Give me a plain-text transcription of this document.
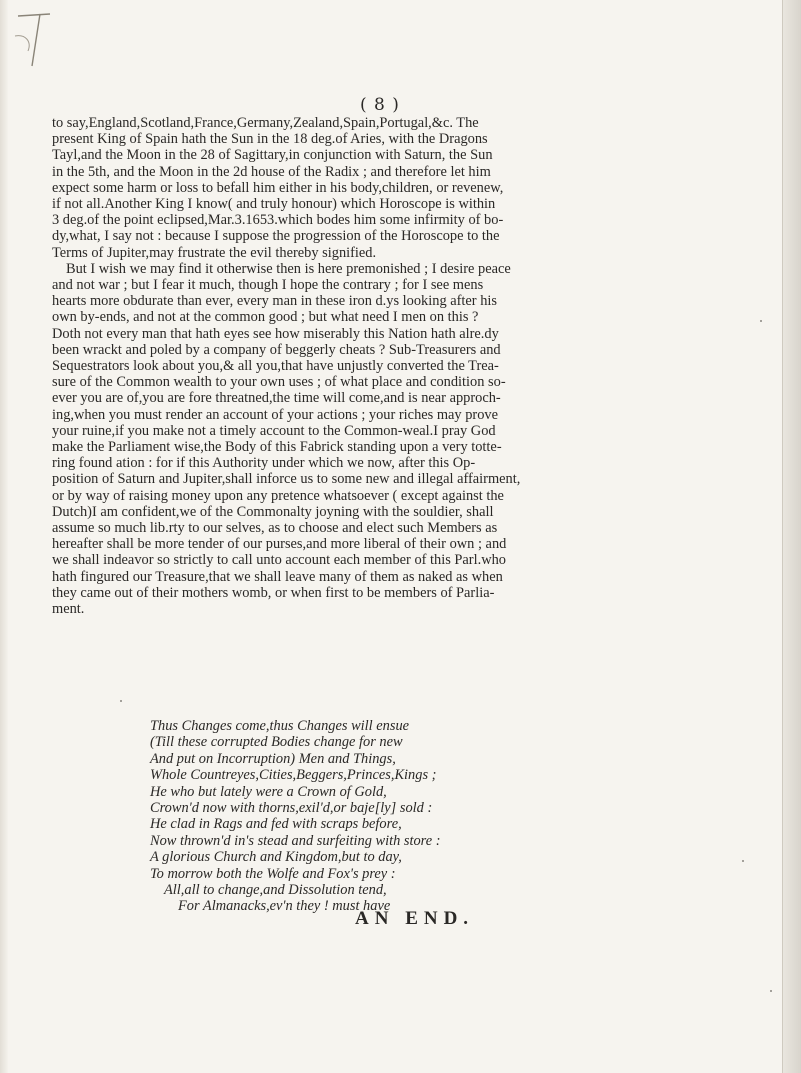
( 8 )
to say,England,Scotland,France,Germany,Zealand,Spain,Portugal,&c. The
present King of Spain hath the Sun in the 18 deg.of Aries, with the Dragons
Tayl,and the Moon in the 28 of Sagittary,in conjunction with Saturn, the Sun
in the 5th, and the Moon in the 2d house of the Radix ; and therefore let him
expect some harm or loss to befall him either in his body,children, or revenew,
if not all.Another King I know( and truly honour) which Horoscope is within
3 deg.of the point eclipsed,Mar.3.1653.which bodes him some infirmity of bo-
dy,what, I say not : because I suppose the progression of the Horoscope to the
Terms of Jupiter,may frustrate the evil thereby signified.
But I wish we may find it otherwise then is here premonished ; I desire peace
and not war ; but I fear it much, though I hope the contrary ; for I see mens
hearts more obdurate than ever, every man in these iron d.ys looking after his
own by-ends, and not at the common good ; but what need I men on this ?
Doth not every man that hath eyes see how miserably this Nation hath alre.dy
been wrackt and poled by a company of beggerly cheats ? Sub-Treasurers and
Sequestrators look about you,& all you,that have unjustly converted the Trea-
sure of the Common wealth to your own uses ; of what place and condition so-
ever you are of,you are fore threatned,the time will come,and is near approch-
ing,when you must render an account of your actions ; your riches may prove
your ruine,if you make not a timely account to the Common-weal.I pray God
make the Parliament wise,the Body of this Fabrick standing upon a very totte-
ring found ation : for if this Authority under which we now, after this Op-
position of Saturn and Jupiter,shall inforce us to some new and illegal affairment,
or by way of raising money upon any pretence whatsoever ( except against the
Dutch)I am confident,we of the Commonalty joyning with the souldier, shall
assume so much lib.rty to our selves, as to choose and elect such Members as
hereafter shall be more tender of our purses,and more liberal of their own ; and
we shall indeavor so strictly to call unto account each member of this Parl.who
hath fingured our Treasure,that we shall leave many of them as naked as when
they came out of their mothers womb, or when first to be members of Parlia-
ment.
Thus Changes come,thus Changes will ensue
(Till these corrupted Bodies change for new
And put on Incorruption) Men and Things,
Whole Countreyes,Cities,Beggers,Princes,Kings ;
He who but lately were a Crown of Gold,
Crown'd now with thorns,exil'd,or baje[ly] sold :
He clad in Rags and fed with scraps before,
Now thrown'd in's stead and surfeiting with store :
A glorious Church and Kingdom,but to day,
To morrow both the Wolfe and Fox's prey :
All,all to change,and Dissolution tend,
For Almanacks,ev'n they ! must have
AN END.
